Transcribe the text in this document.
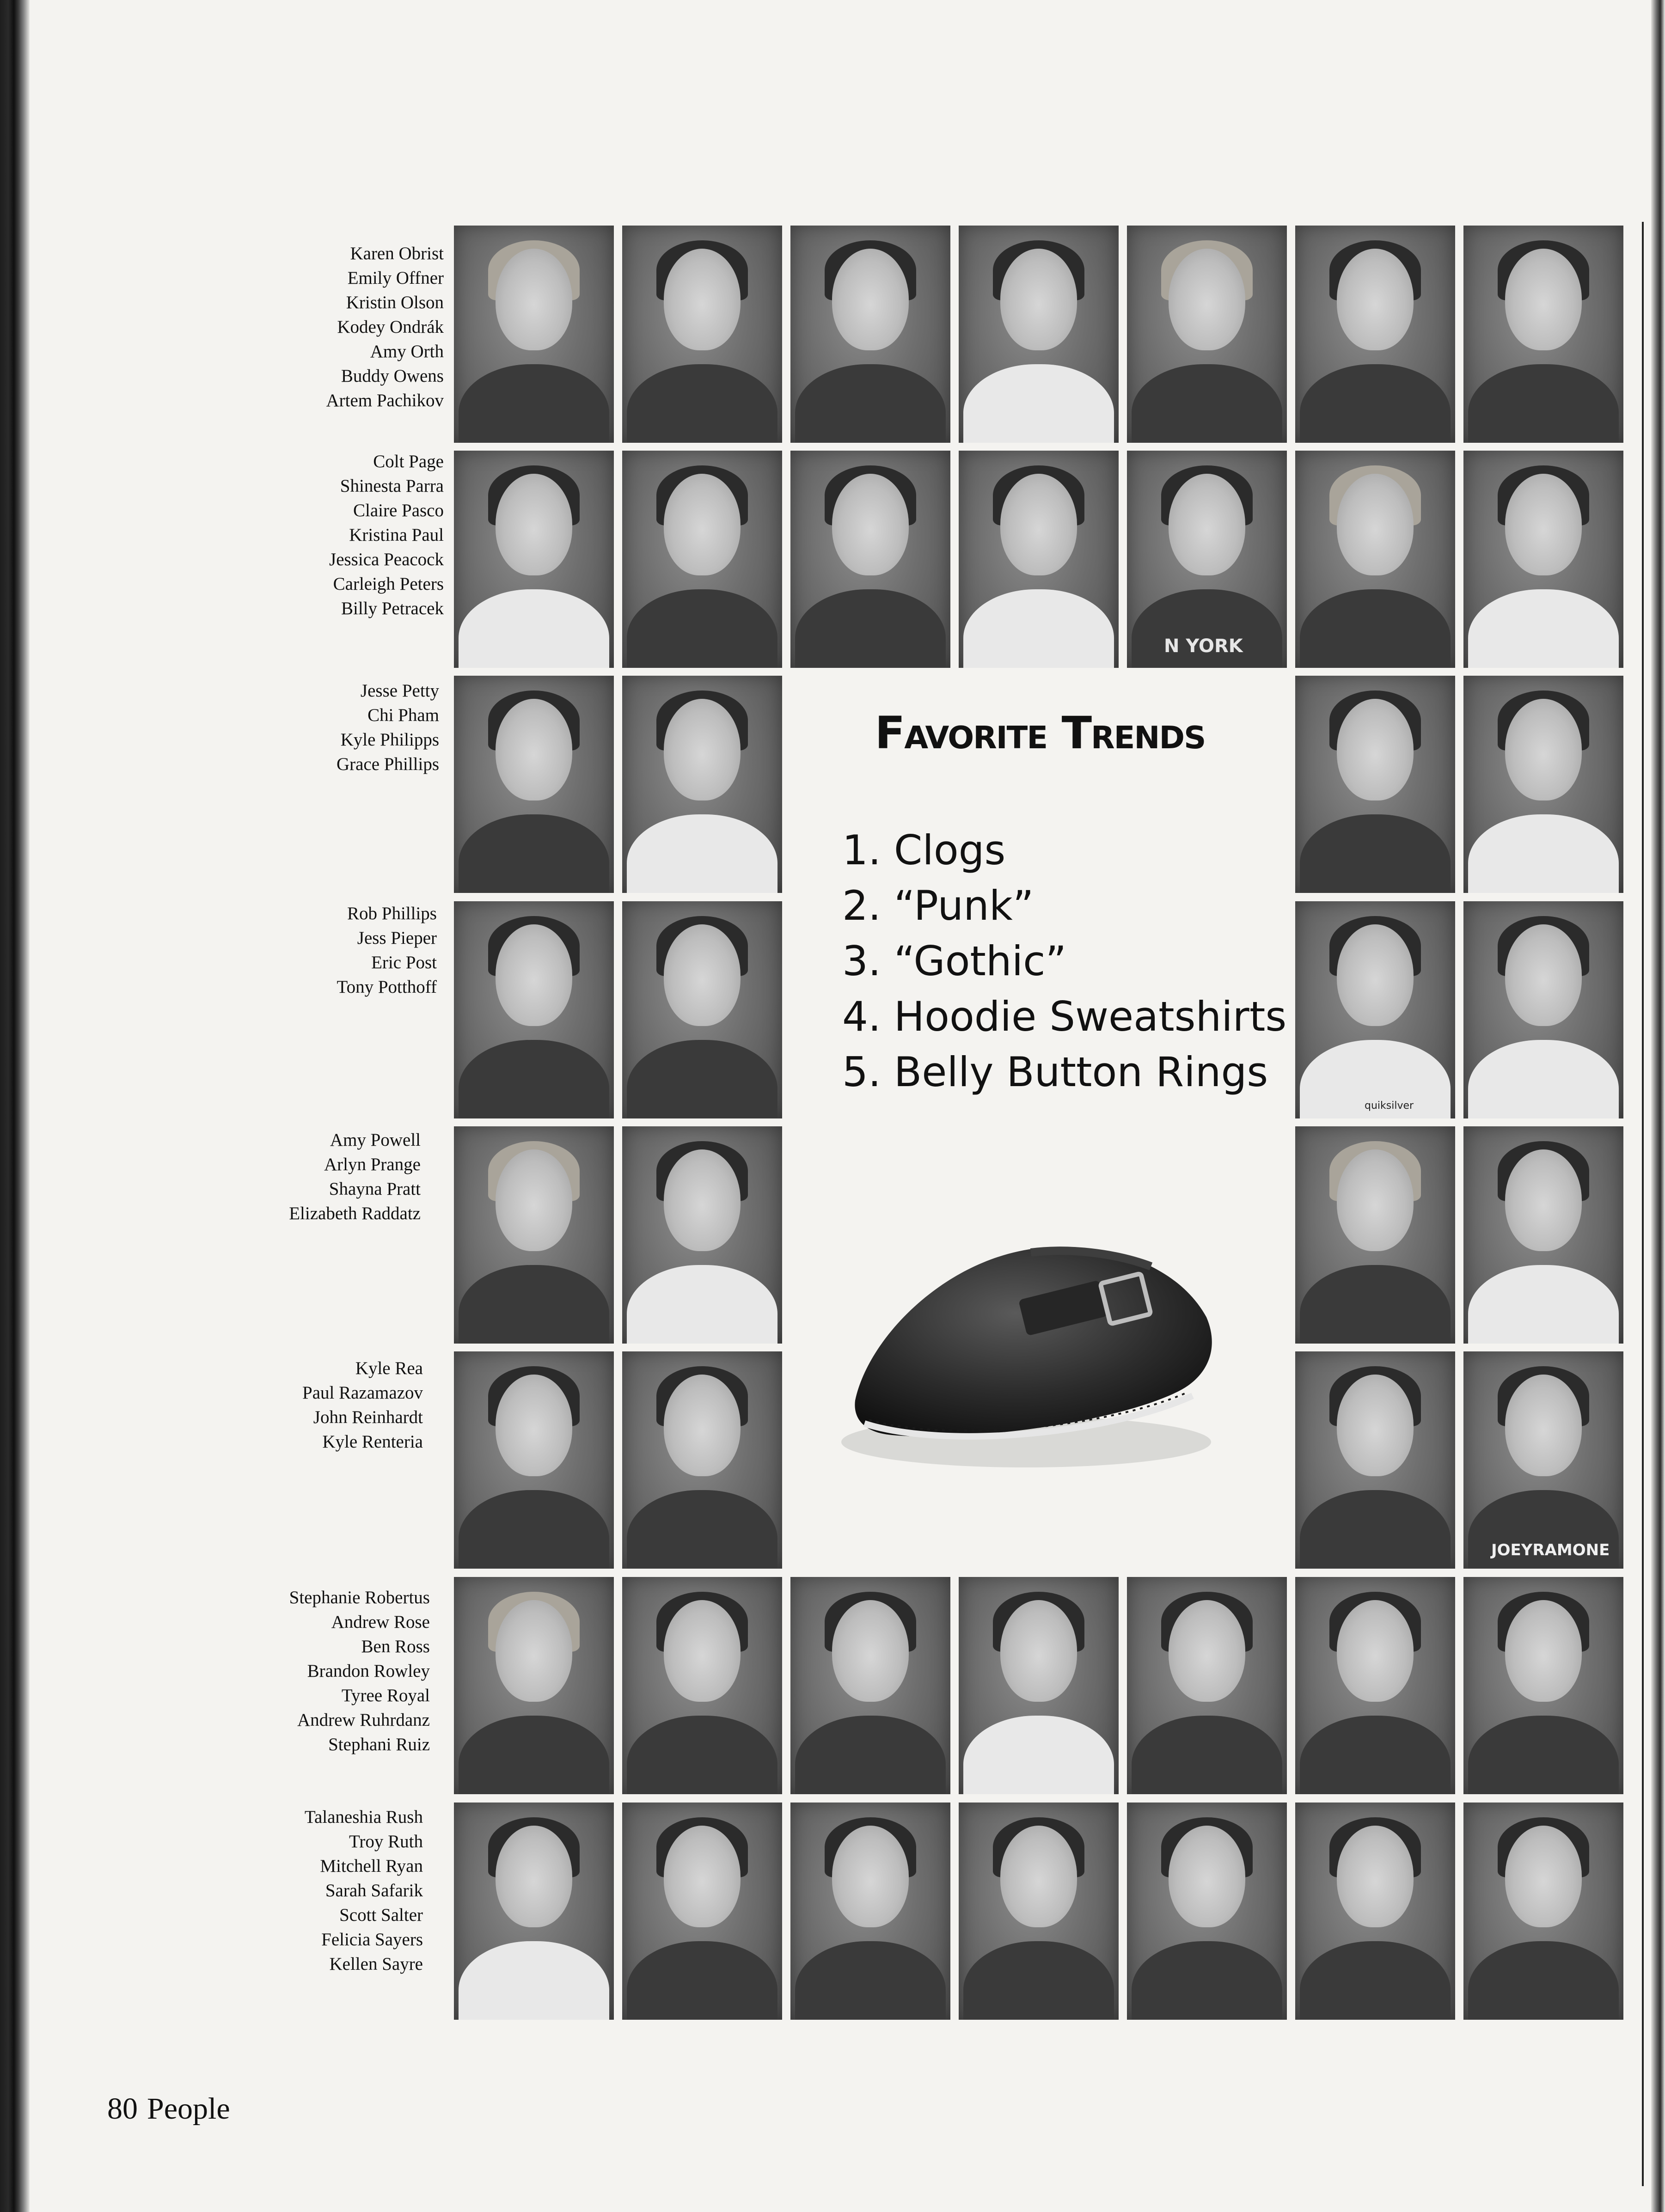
Karen Obrist
Emily Offner
Kristin Olson
Kodey Ondrák
Amy Orth
Buddy Owens
Artem Pachikov
Colt Page
Shinesta Parra
Claire Pasco
Kristina Paul
Jessica Peacock
Carleigh Peters
Billy Petracek
Jesse Petty
Chi Pham
Kyle Philipps
Grace Phillips
Rob Phillips
Jess Pieper
Eric Post
Tony Potthoff
Amy Powell
Arlyn Prange
Shayna Pratt
Elizabeth Raddatz
Kyle Rea
Paul Razamazov
John Reinhardt
Kyle Renteria
Stephanie Robertus
Andrew Rose
Ben Ross
Brandon Rowley
Tyree Royal
Andrew Ruhrdanz
Stephani Ruiz
Talaneshia Rush
Troy Ruth
Mitchell Ryan
Sarah Safarik
Scott Salter
Felicia Sayers
Kellen Sayre
N YORK
quiksilver
JOEYRAMONE
Favorite Trends
1. Clogs
2. “Punk”
3. “Gothic”
4. Hoodie Sweatshirts
5. Belly Button Rings
80 People
